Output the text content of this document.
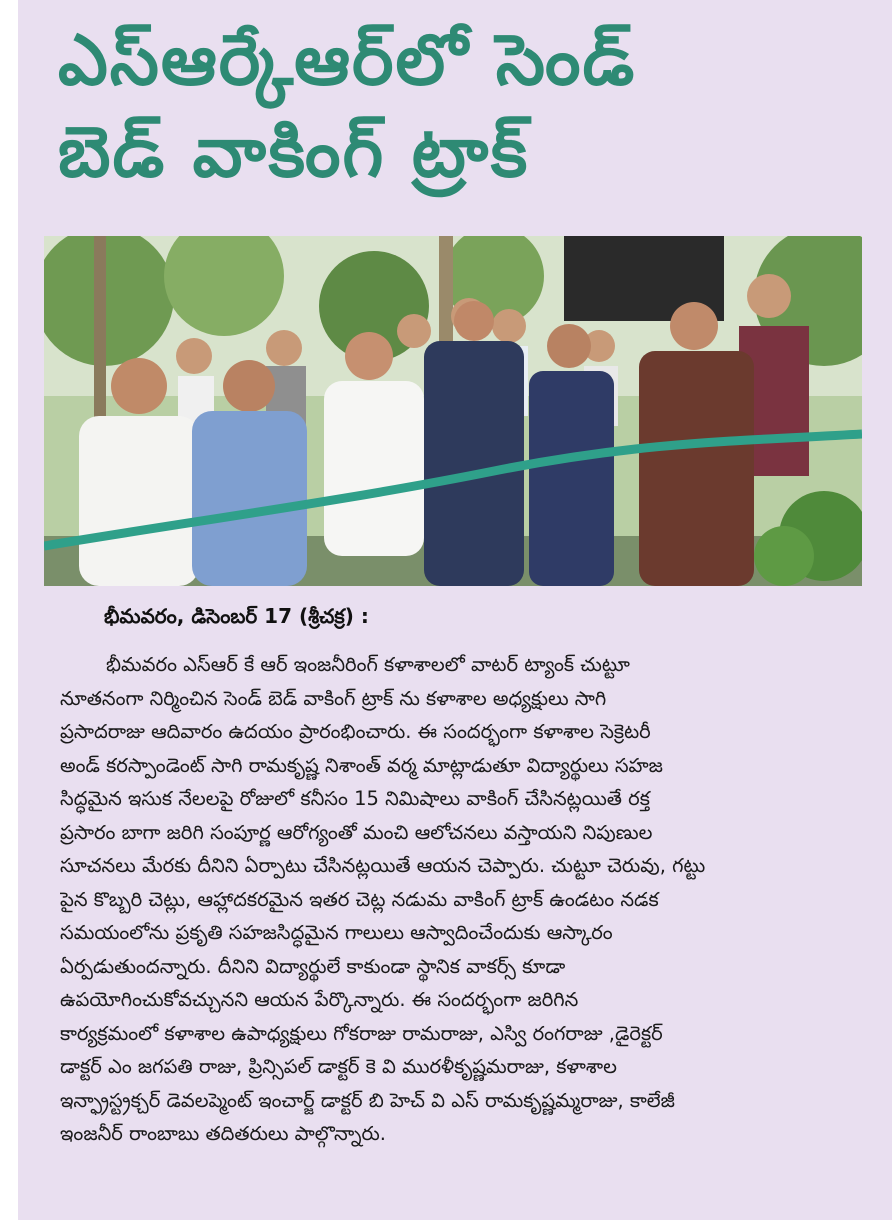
ఎస్ఆర్కేఆర్‌లో సెండ్
బెడ్ వాకింగ్ ట్రాక్
భీమవరం, డిసెంబర్ 17 (శ్రీచక్ర) :
భీమవరం ఎస్ఆర్ కే ఆర్ ఇంజనీరింగ్ కళాశాలలో వాటర్ ట్యాంక్ చుట్టూ
నూతనంగా నిర్మించిన సెండ్ బెడ్ వాకింగ్ ట్రాక్ ను కళాశాల అధ్యక్షులు సాగి
ప్రసాదరాజు ఆదివారం ఉదయం ప్రారంభించారు. ఈ సందర్భంగా కళాశాల సెక్రెటరీ
అండ్ కరస్పాండెంట్ సాగి రామకృష్ణ నిశాంత్ వర్మ మాట్లాడుతూ విద్యార్థులు సహజ
సిద్ధమైన ఇసుక నేలలపై రోజులో కనీసం 15 నిమిషాలు వాకింగ్ చేసినట్లయితే రక్త
ప్రసారం బాగా జరిగి సంపూర్ణ ఆరోగ్యంతో మంచి ఆలోచనలు వస్తాయని నిపుణుల
సూచనలు మేరకు దీనిని ఏర్పాటు చేసినట్లయితే ఆయన చెప్పారు. చుట్టూ చెరువు, గట్టు
పైన కొబ్బరి చెట్లు, ఆహ్లాదకరమైన ఇతర చెట్ల నడుమ వాకింగ్ ట్రాక్ ఉండటం నడక
సమయంలోను ప్రకృతి సహజసిద్ధమైన గాలులు ఆస్వాదించేందుకు ఆస్కారం
ఏర్పడుతుందన్నారు. దీనిని విద్యార్థులే కాకుండా స్థానిక వాకర్స్ కూడా
ఉపయోగించుకోవచ్చునని ఆయన పేర్కొన్నారు. ఈ సందర్భంగా జరిగిన
కార్యక్రమంలో కళాశాల ఉపాధ్యక్షులు గోకరాజు రామరాజు, ఎస్వి రంగరాజు ,డైరెక్టర్
డాక్టర్ ఎం జగపతి రాజు, ప్రిన్సిపల్ డాక్టర్ కె వి మురళీకృష్ణమరాజు, కళాశాల
ఇన్ఫ్రాస్ట్రక్చర్ డెవలప్మెంట్ ఇంచార్జ్ డాక్టర్ బి హెచ్ వి ఎస్ రామకృష్ణమ్మరాజు, కాలేజీ
ఇంజనీర్ రాంబాబు తదితరులు పాల్గొన్నారు.
